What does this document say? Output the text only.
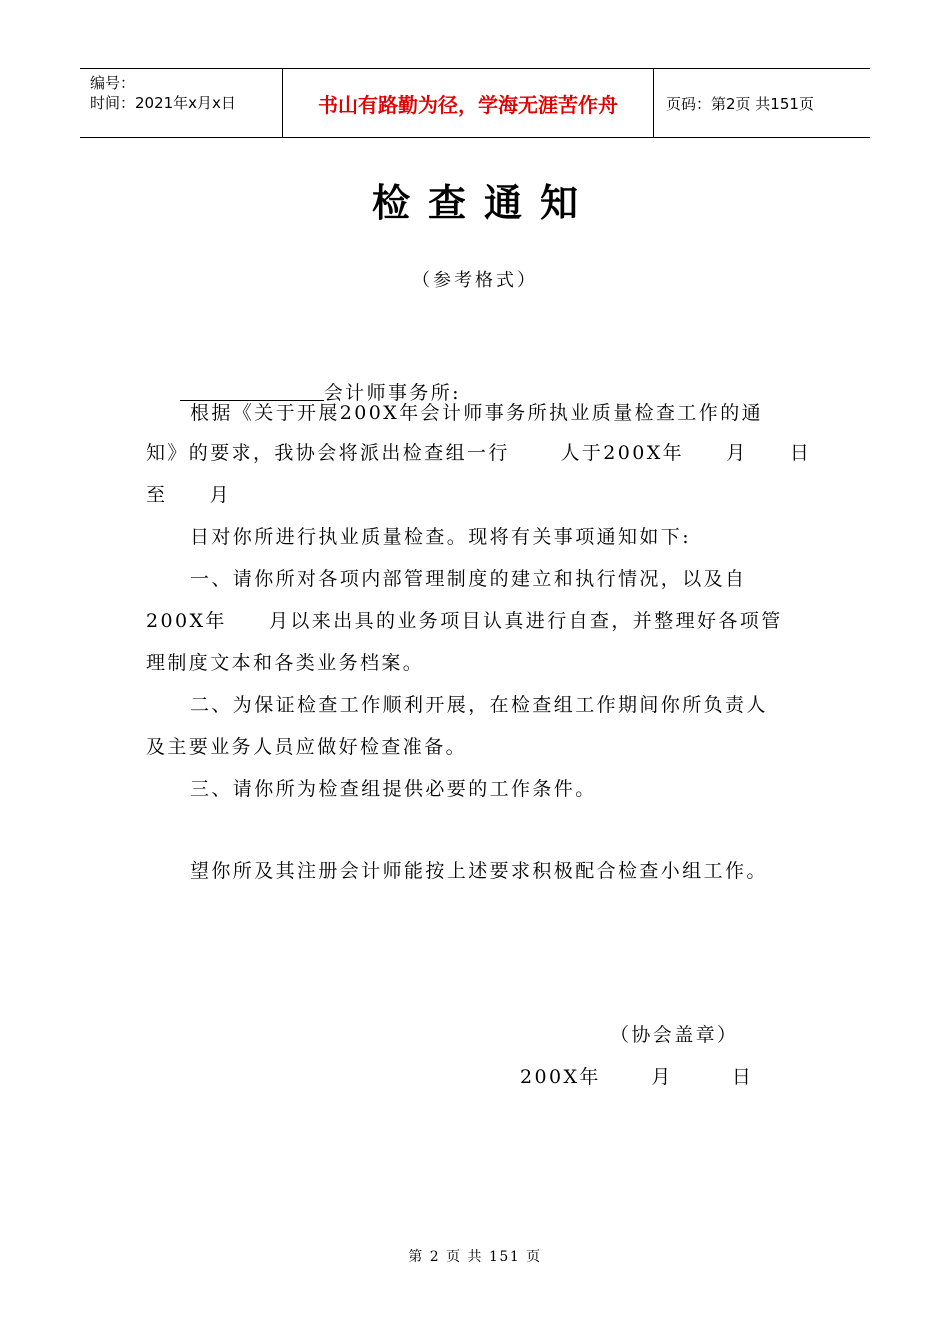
编号：
时间：2021年x月x日	书山有路勤为径，学海无涯苦作舟	页码：第2页 共151页
检查通知
（参考格式）

会计师事务所:

根据《关于开展200X年会计师事务所执业质量检查工作的通
知》的要求，我协会将派出检查组一行      人于200X年     月     日
至     月
日对你所进行执业质量检查。现将有关事项通知如下:
一、请你所对各项内部管理制度的建立和执行情况，以及自
200X年     月以来出具的业务项目认真进行自查，并整理好各项管
理制度文本和各类业务档案。
二、为保证检查工作顺利开展，在检查组工作期间你所负责人
及主要业务人员应做好检查准备。
三、请你所为检查组提供必要的工作条件。
望你所及其注册会计师能按上述要求积极配合检查小组工作。
（协会盖章）
200X年      月       日
第 2 页 共 151 页
